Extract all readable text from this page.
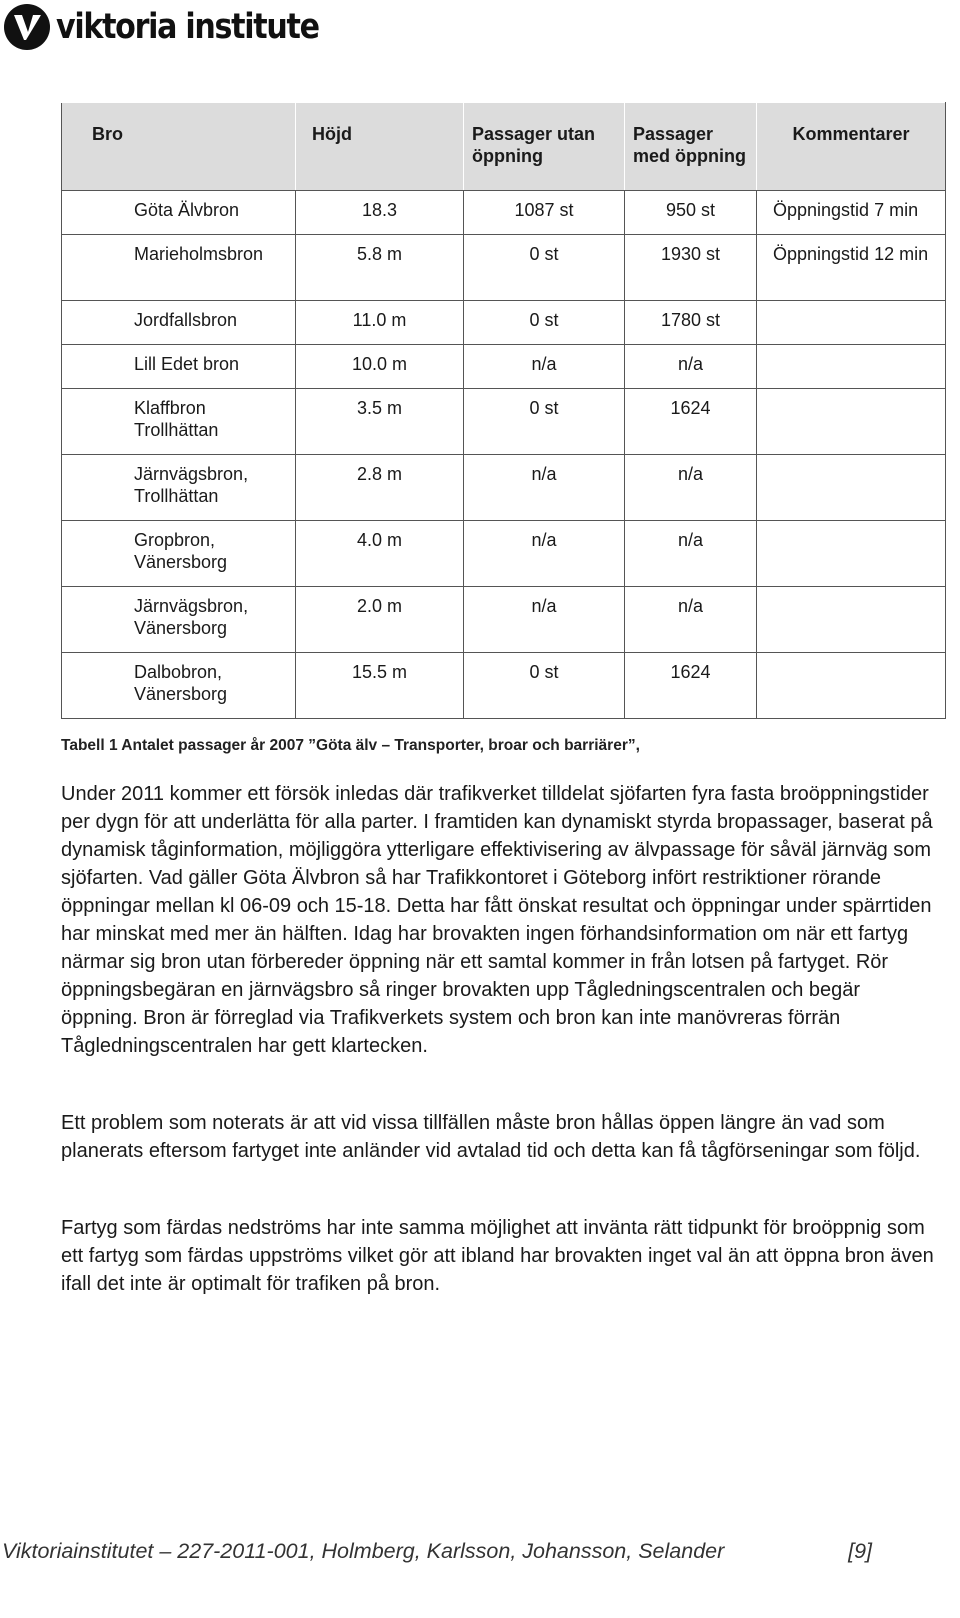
viktoria institute
Bro	Höjd	Passager utan öppning	Passager med öppning	Kommentarer
Göta Älvbron	18.3	1087 st	950 st	Öppningstid 7 min
Marieholmsbron	5.8 m	0 st	1930 st	Öppningstid 12 min
Jordfallsbron	11.0 m	0 st	1780 st	
Lill Edet bron	10.0 m	n/a	n/a	
Klaffbron Trollhättan	3.5 m	0 st	1624	
Järnvägsbron, Trollhättan	2.8 m	n/a	n/a	
Gropbron, Vänersborg	4.0 m	n/a	n/a	
Järnvägsbron, Vänersborg	2.0 m	n/a	n/a	
Dalbobron, Vänersborg	15.5 m	0 st	1624	
Tabell 1 Antalet passager år 2007 ”Göta älv – Transporter, broar och barriärer”,

Under 2011 kommer ett försök inledas där trafikverket tilldelat sjöfarten fyra fasta broöppningstider per dygn för att underlätta för alla parter. I framtiden kan dynamiskt styrda bropassager, baserat på dynamisk tåginformation, möjliggöra ytterligare effektivisering av älvpassage för såväl järnväg som sjöfarten. Vad gäller Göta Älvbron så har Trafikkontoret i Göteborg infört restriktioner rörande öppningar mellan kl 06-09 och 15-18. Detta har fått önskat resultat och öppningar under spärrtiden har minskat med mer än hälften. Idag har brovakten ingen förhandsinformation om när ett fartyg närmar sig bron utan förbereder öppning när ett samtal kommer in från lotsen på fartyget. Rör öppningsbegäran en järnvägsbro så ringer brovakten upp Tågledningscentralen och begär öppning. Bron är förreglad via Trafikverkets system och bron kan inte manövreras förrän Tågledningscentralen har gett klartecken.

Ett problem som noterats är att vid vissa tillfällen måste bron hållas öppen längre än vad som planerats eftersom fartyget inte anländer vid avtalad tid och detta kan få tågförseningar som följd.

Fartyg som färdas nedströms har inte samma möjlighet att invänta rätt tidpunkt för broöppnig som ett fartyg som färdas uppströms vilket gör att ibland har brovakten inget val än att öppna bron även ifall det inte är optimalt för trafiken på bron.

Viktoriainstitutet – 227-2011-001, Holmberg, Karlsson, Johansson, Selander	[9]
